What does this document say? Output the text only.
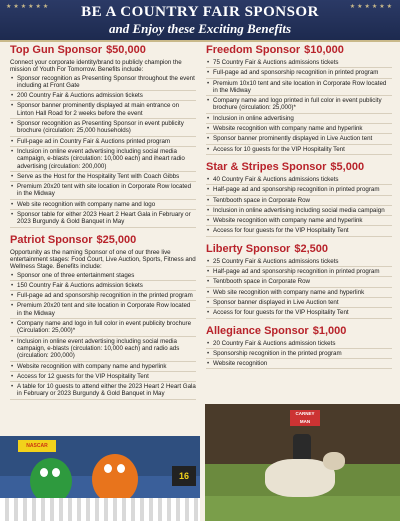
★★★★★★	★★★★★★
BE A COUNTRY FAIR SPONSOR
and Enjoy these Exciting Benefits
Top Gun Sponsor $50,000
Connect your corporate identity/brand to publicly champion the mission of Youth For Tomorrow. Benefits include:
• Sponsor recognition as Presenting Sponsor throughout the event including at Front Gate
• 200 Country Fair & Auctions admission tickets
• Sponsor banner prominently displayed at main entrance on Linton Hall Road for 2 weeks before the event
• Sponsor recognition as Presenting Sponsor in event publicity brochure (circulation: 25,000 households)
• Full-page ad in Country Fair & Auctions printed program
• Inclusion in online event advertising including social media campaign, e-blasts (circulation: 10,000 each) and iheart radio advertising (circulation: 200,000)
• Serve as the Host for the Hospitality Tent with Coach Gibbs
• Premium 20x20 tent with site location in Corporate Row located in the Midway
• Web site recognition with company name and logo
• Sponsor table for either 2023 Heart 2 Heart Gala in February or 2023 Burgundy & Gold Banquet in May
Patriot Sponsor $25,000
Opportunity as the naming Sponsor of one of our three live entertainment stages: Food Court, Live Auction, Sports, Fitness and Wellness Stage. Benefits include:
• Sponsor one of three entertainment stages
• 150 Country Fair & Auctions admission tickets
• Full-page ad and sponsorship recognition in the printed program
• Premium 20x20 tent and site location in Corporate Row located in the Midway
• Company name and logo in full color in event publicity brochure (Circulation: 25,000)*
• Inclusion in online event advertising including social media campaign, e-blasts (circulation: 10,000 each) and radio ads (circulation: 200,000)
• Website recognition with company name and hyperlink
• Access for 12 guests for the VIP Hospitality Tent
• A table for 10 guests to attend either the 2023 Heart 2 Heart Gala in February or 2023 Burgundy & Gold Banquet in May
Freedom Sponsor $10,000
• 75 Country Fair & Auctions admissions tickets
• Full-page ad and sponsorship recognition in printed program
• Premium 10x10 tent and site location in Corporate Row located in the Midway
• Company name and logo printed in full color in event publicity brochure (circulation: 25,000)*
• Inclusion in online advertising
• Website recognition with company name and hyperlink
• Sponsor banner prominently displayed in Live Auction tent
• Access for 10 guests for the VIP Hospitality Tent
Star & Stripes Sponsor $5,000
• 40 Country Fair & Auctions admissions tickets
• Half-page ad and sponsorship recognition in printed program
• Tent/booth space in Corporate Row
• Inclusion in online advertising including social media campaign
• Website recognition with company name and hyperlink
• Access for four guests for the VIP Hospitality Tent
Liberty Sponsor $2,500
• 25 Country Fair & Auctions admissions tickets
• Half-page ad and sponsorship recognition in printed program
• Tent/booth space in Corporate Row
• Web site recognition with company name and hyperlink
• Sponsor banner displayed in Live Auction tent
• Access for four guests for the VIP Hospitality Tent
Allegiance Sponsor $1,000
• 20 Country Fair & Auctions admission tickets
• Sponsorship recognition in the printed program
• Website recognition
NASCAR
16
CARNEY MAN
